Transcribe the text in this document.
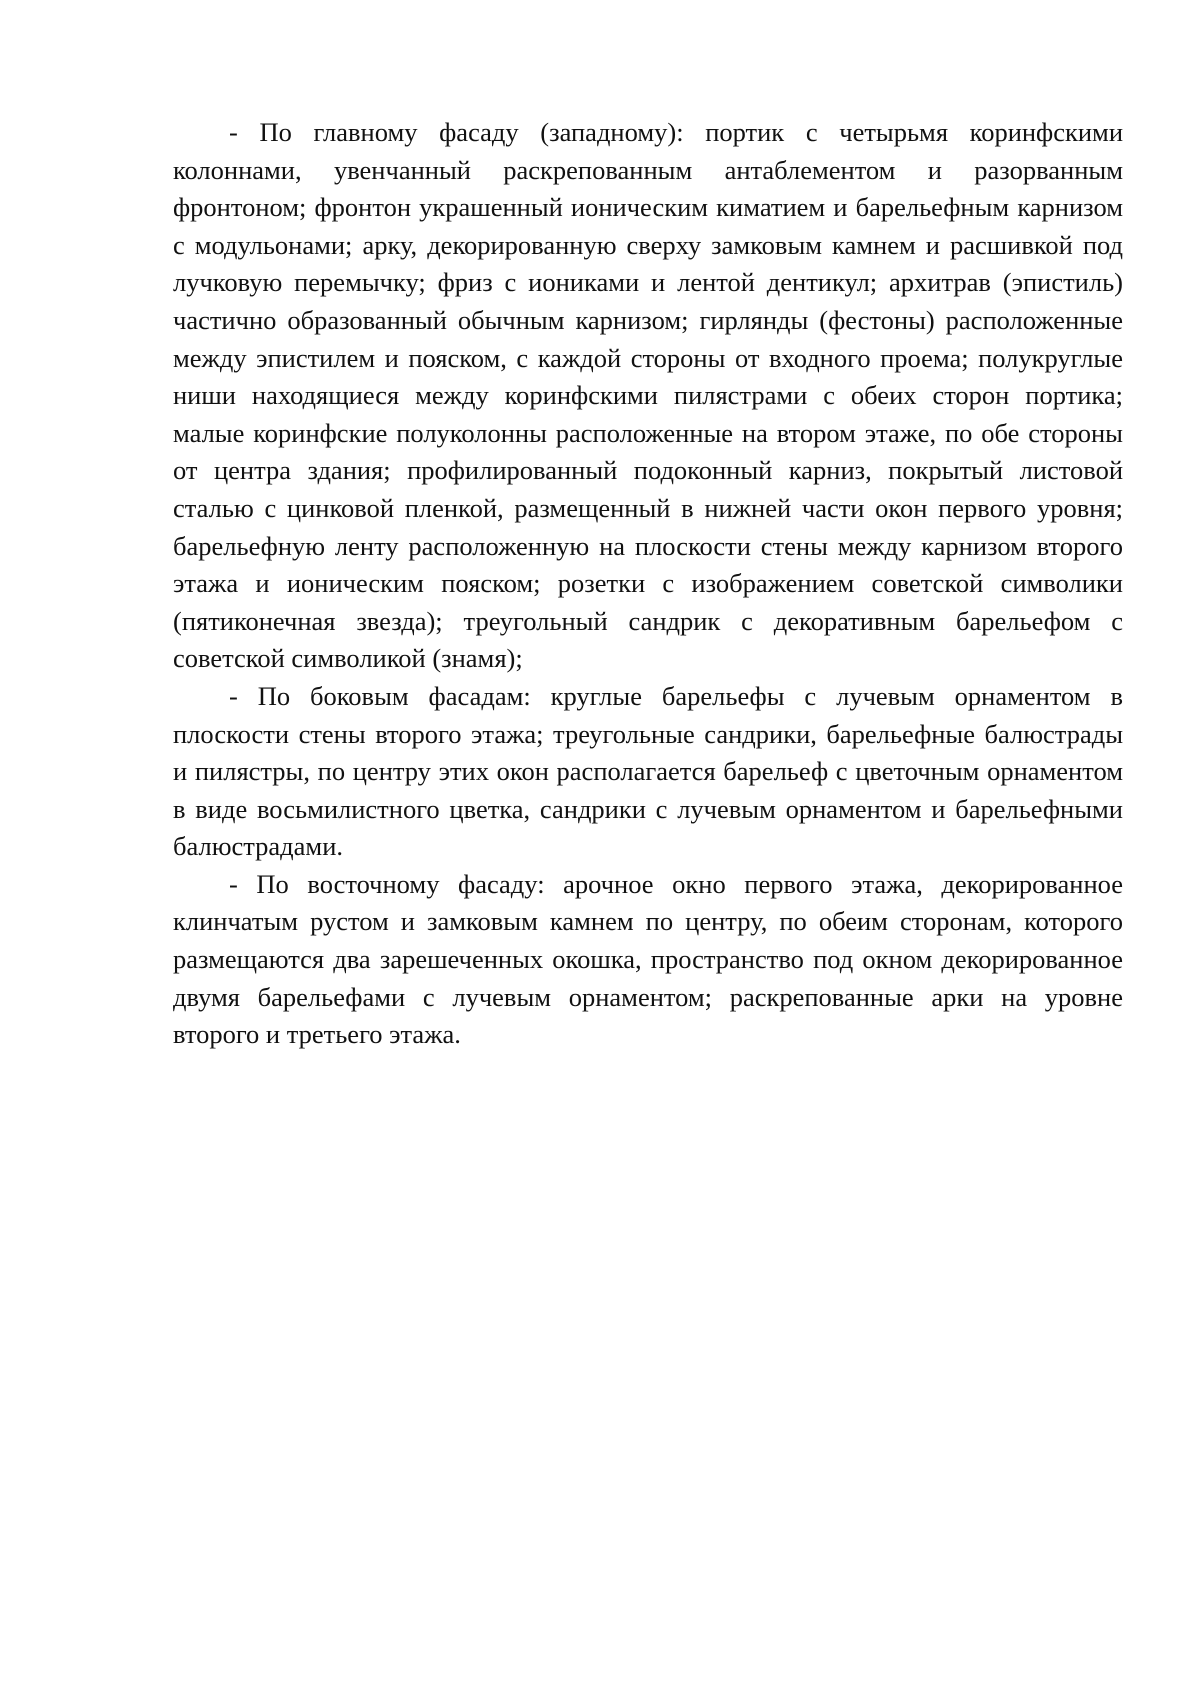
- По главному фасаду (западному): портик с четырьмя коринфскими колоннами, увенчанный раскрепованным антаблементом и разорванным фронтоном; фронтон украшенный ионическим киматием и барельефным карнизом с модульонами; арку, декорированную сверху замковым камнем и расшивкой под лучковую перемычку; фриз с иониками и лентой дентикул; архитрав (эпистиль) частично образованный обычным карнизом; гирлянды (фестоны) расположенные между эпистилем и пояском, с каждой стороны от входного проема; полукруглые ниши находящиеся между коринфскими пилястрами с обеих сторон портика; малые коринфские полуколонны расположенные на втором этаже, по обе стороны от центра здания; профилированный подоконный карниз, покрытый листовой сталью с цинковой пленкой, размещенный в нижней части окон первого уровня; барельефную ленту расположенную на плоскости стены между карнизом второго этажа и ионическим пояском; розетки с изображением советской символики (пятиконечная звезда); треугольный сандрик с декоративным барельефом с советской символикой (знамя);

- По боковым фасадам: круглые барельефы с лучевым орнаментом в плоскости стены второго этажа; треугольные сандрики, барельефные балюстрады и пилястры, по центру этих окон располагается барельеф с цветочным орнаментом в виде восьмилистного цветка, сандрики с лучевым орнаментом и барельефными балюстрадами.

- По восточному фасаду: арочное окно первого этажа, декорированное клинчатым рустом и замковым камнем по центру, по обеим сторонам, которого размещаются два зарешеченных окошка, пространство под окном декорированное двумя барельефами с лучевым орнаментом; раскрепованные арки на уровне второго и третьего этажа.
